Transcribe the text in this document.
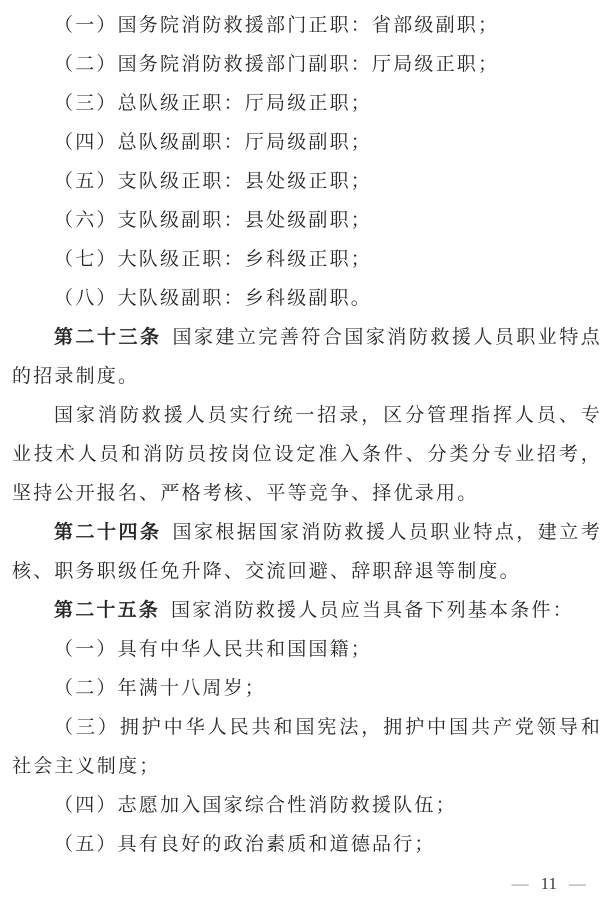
（一）国务院消防救援部门正职：省部级副职；

（二）国务院消防救援部门副职：厅局级正职；

（三）总队级正职：厅局级正职；

（四）总队级副职：厅局级副职；

（五）支队级正职：县处级正职；

（六）支队级副职：县处级副职；

（七）大队级正职：乡科级正职；

（八）大队级副职：乡科级副职。

第二十三条 国家建立完善符合国家消防救援人员职业特点的招录制度。

国家消防救援人员实行统一招录，区分管理指挥人员、专业技术人员和消防员按岗位设定准入条件、分类分专业招考，坚持公开报名、严格考核、平等竞争、择优录用。

第二十四条 国家根据国家消防救援人员职业特点，建立考核、职务职级任免升降、交流回避、辞职辞退等制度。

第二十五条 国家消防救援人员应当具备下列基本条件：

（一）具有中华人民共和国国籍；

（二）年满十八周岁；

（三）拥护中华人民共和国宪法，拥护中国共产党领导和社会主义制度；

（四）志愿加入国家综合性消防救援队伍；

（五）具有良好的政治素质和道德品行；

— 11 —
